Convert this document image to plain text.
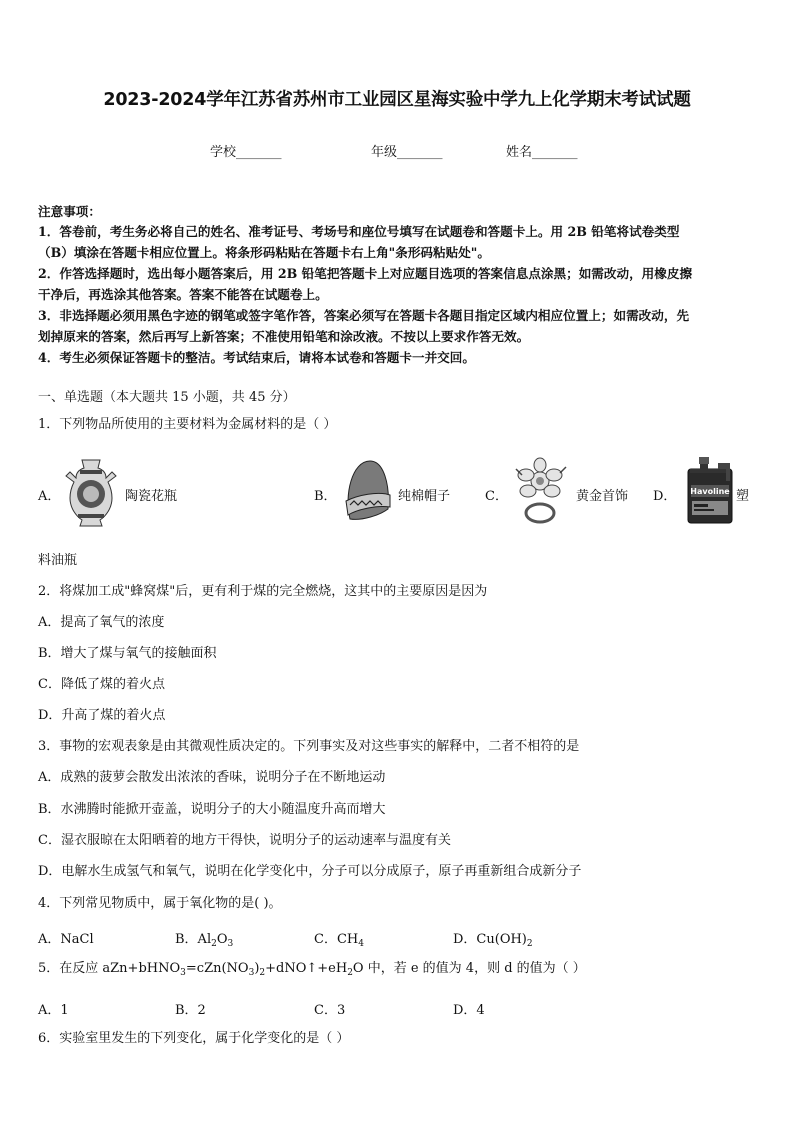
2023-2024学年江苏省苏州市工业园区星海实验中学九上化学期末考试试题
学校_______	年级_______	姓名_______
注意事项：
1．答卷前，考生务必将自己的姓名、准考证号、考场号和座位号填写在试题卷和答题卡上。用 2B 铅笔将试卷类型
（B）填涂在答题卡相应位置上。将条形码粘贴在答题卡右上角"条形码粘贴处"。
2．作答选择题时，选出每小题答案后，用 2B 铅笔把答题卡上对应题目选项的答案信息点涂黑；如需改动，用橡皮擦
干净后，再选涂其他答案。答案不能答在试题卷上。
3．非选择题必须用黑色字迹的钢笔或签字笔作答，答案必须写在答题卡各题目指定区域内相应位置上；如需改动，先
划掉原来的答案，然后再写上新答案；不准使用铅笔和涂改液。不按以上要求作答无效。
4．考生必须保证答题卡的整洁。考试结束后，请将本试卷和答题卡一并交回。
一、单选题（本大题共 15 小题，共 45 分）
1．下列物品所使用的主要材料为金属材料的是（ ）
A．	陶瓷花瓶	B．	纯棉帽子	C．	黄金首饰 D． Havoline 塑
料油瓶
2．将煤加工成"蜂窝煤"后，更有利于煤的完全燃烧，这其中的主要原因是因为
A．提高了氧气的浓度
B．增大了煤与氧气的接触面积
C．降低了煤的着火点
D．升高了煤的着火点
3．事物的宏观表象是由其微观性质决定的。下列事实及对这些事实的解释中，二者不相符的是
A．成熟的菠萝会散发出浓浓的香味，说明分子在不断地运动
B．水沸腾时能掀开壶盖，说明分子的大小随温度升高而增大
C．湿衣服晾在太阳晒着的地方干得快，说明分子的运动速率与温度有关
D．电解水生成氢气和氧气，说明在化学变化中，分子可以分成原子，原子再重新组合成新分子
4．下列常见物质中，属于氧化物的是( )。
A．NaCl	B．$Al_2O_3$	C．$CH_4$	D．$Cu(OH)_2$
5．在反应 $aZn+bHNO_3=cZn(NO_3)_2+dNO↑+eH_2O$ 中，若 e 的值为 4，则 d 的值为（ ）
A．1	B．2	C．3	D．4
6．实验室里发生的下列变化，属于化学变化的是（ ）
